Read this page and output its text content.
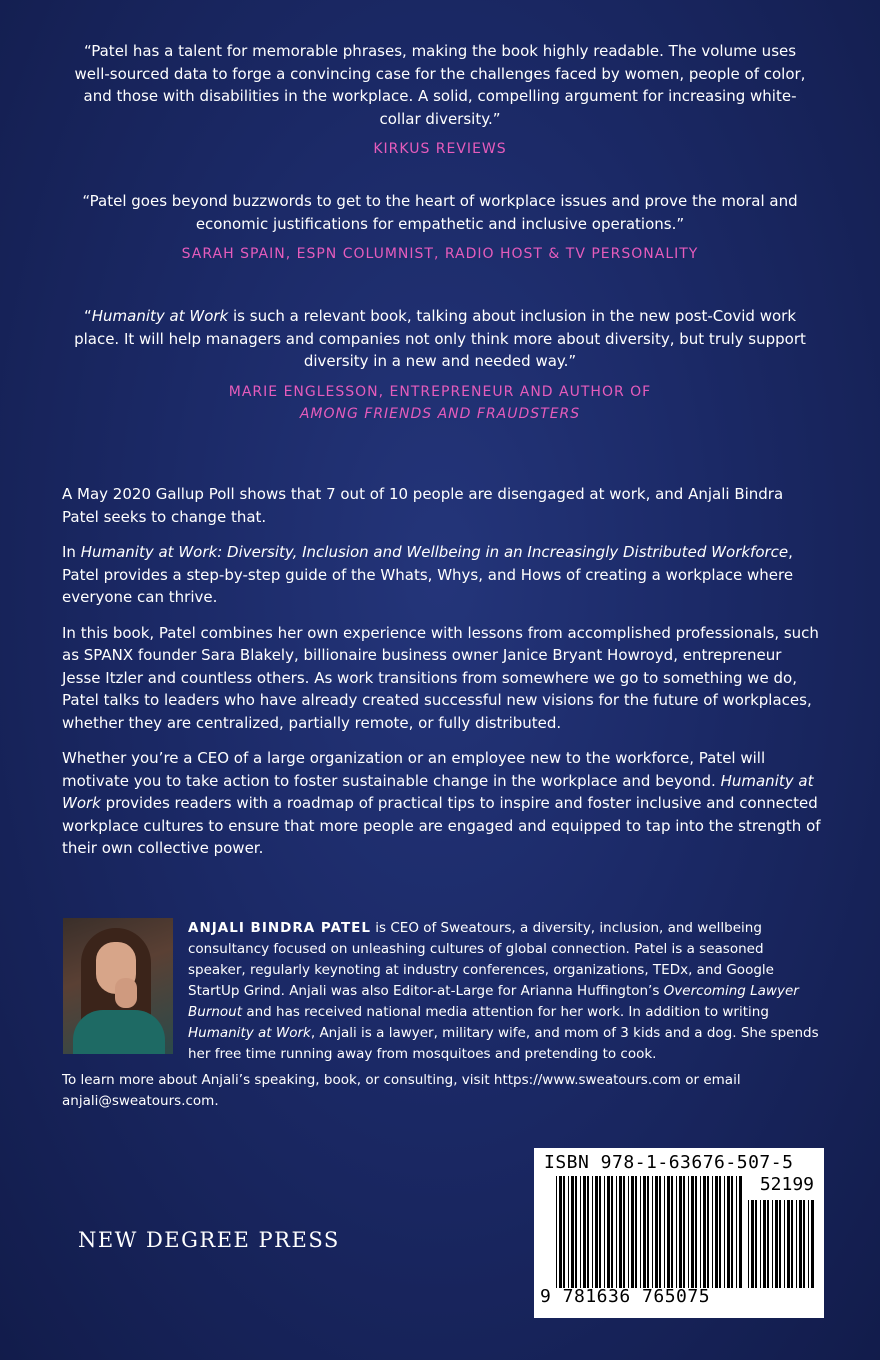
“Patel has a talent for memorable phrases, making the book highly readable. The volume uses well-sourced data to forge a convincing case for the challenges faced by women, people of color, and those with disabilities in the workplace. A solid, compelling argument for increasing white-collar diversity.”

KIRKUS REVIEWS

“Patel goes beyond buzzwords to get to the heart of workplace issues and prove the moral and economic justifications for empathetic and inclusive operations.”

SARAH SPAIN, ESPN COLUMNIST, RADIO HOST & TV PERSONALITY

“Humanity at Work is such a relevant book, talking about inclusion in the new post-Covid work place. It will help managers and companies not only think more about diversity, but truly support diversity in a new and needed way.”

MARIE ENGLESSON, ENTREPRENEUR AND AUTHOR OF
AMONG FRIENDS AND FRAUDSTERS

A May 2020 Gallup Poll shows that 7 out of 10 people are disengaged at work, and Anjali Bindra Patel seeks to change that.

In Humanity at Work: Diversity, Inclusion and Wellbeing in an Increasingly Distributed Workforce, Patel provides a step-by-step guide of the Whats, Whys, and Hows of creating a workplace where everyone can thrive.

In this book, Patel combines her own experience with lessons from accomplished professionals, such as SPANX founder Sara Blakely, billionaire business owner Janice Bryant Howroyd, entrepreneur Jesse Itzler and countless others. As work transitions from somewhere we go to something we do, Patel talks to leaders who have already created successful new visions for the future of workplaces, whether they are centralized, partially remote, or fully distributed.

Whether you’re a CEO of a large organization or an employee new to the workforce, Patel will motivate you to take action to foster sustainable change in the workplace and beyond. Humanity at Work provides readers with a roadmap of practical tips to inspire and foster inclusive and connected workplace cultures to ensure that more people are engaged and equipped to tap into the strength of their own collective power.

ANJALI BINDRA PATEL is CEO of Sweatours, a diversity, inclusion, and wellbeing consultancy focused on unleashing cultures of global connection. Patel is a seasoned speaker, regularly keynoting at industry conferences, organizations, TEDx, and Google StartUp Grind. Anjali was also Editor-at-Large for Arianna Huffington’s Overcoming Lawyer Burnout and has received national media attention for her work. In addition to writing Humanity at Work, Anjali is a lawyer, military wife, and mom of 3 kids and a dog. She spends her free time running away from mosquitoes and pretending to cook.

To learn more about Anjali’s speaking, book, or consulting, visit https://www.sweatours.com or email anjali@sweatours.com.

NEW DEGREE PRESS

ISBN 978-1-63676-507-5
52199
9 781636 765075
